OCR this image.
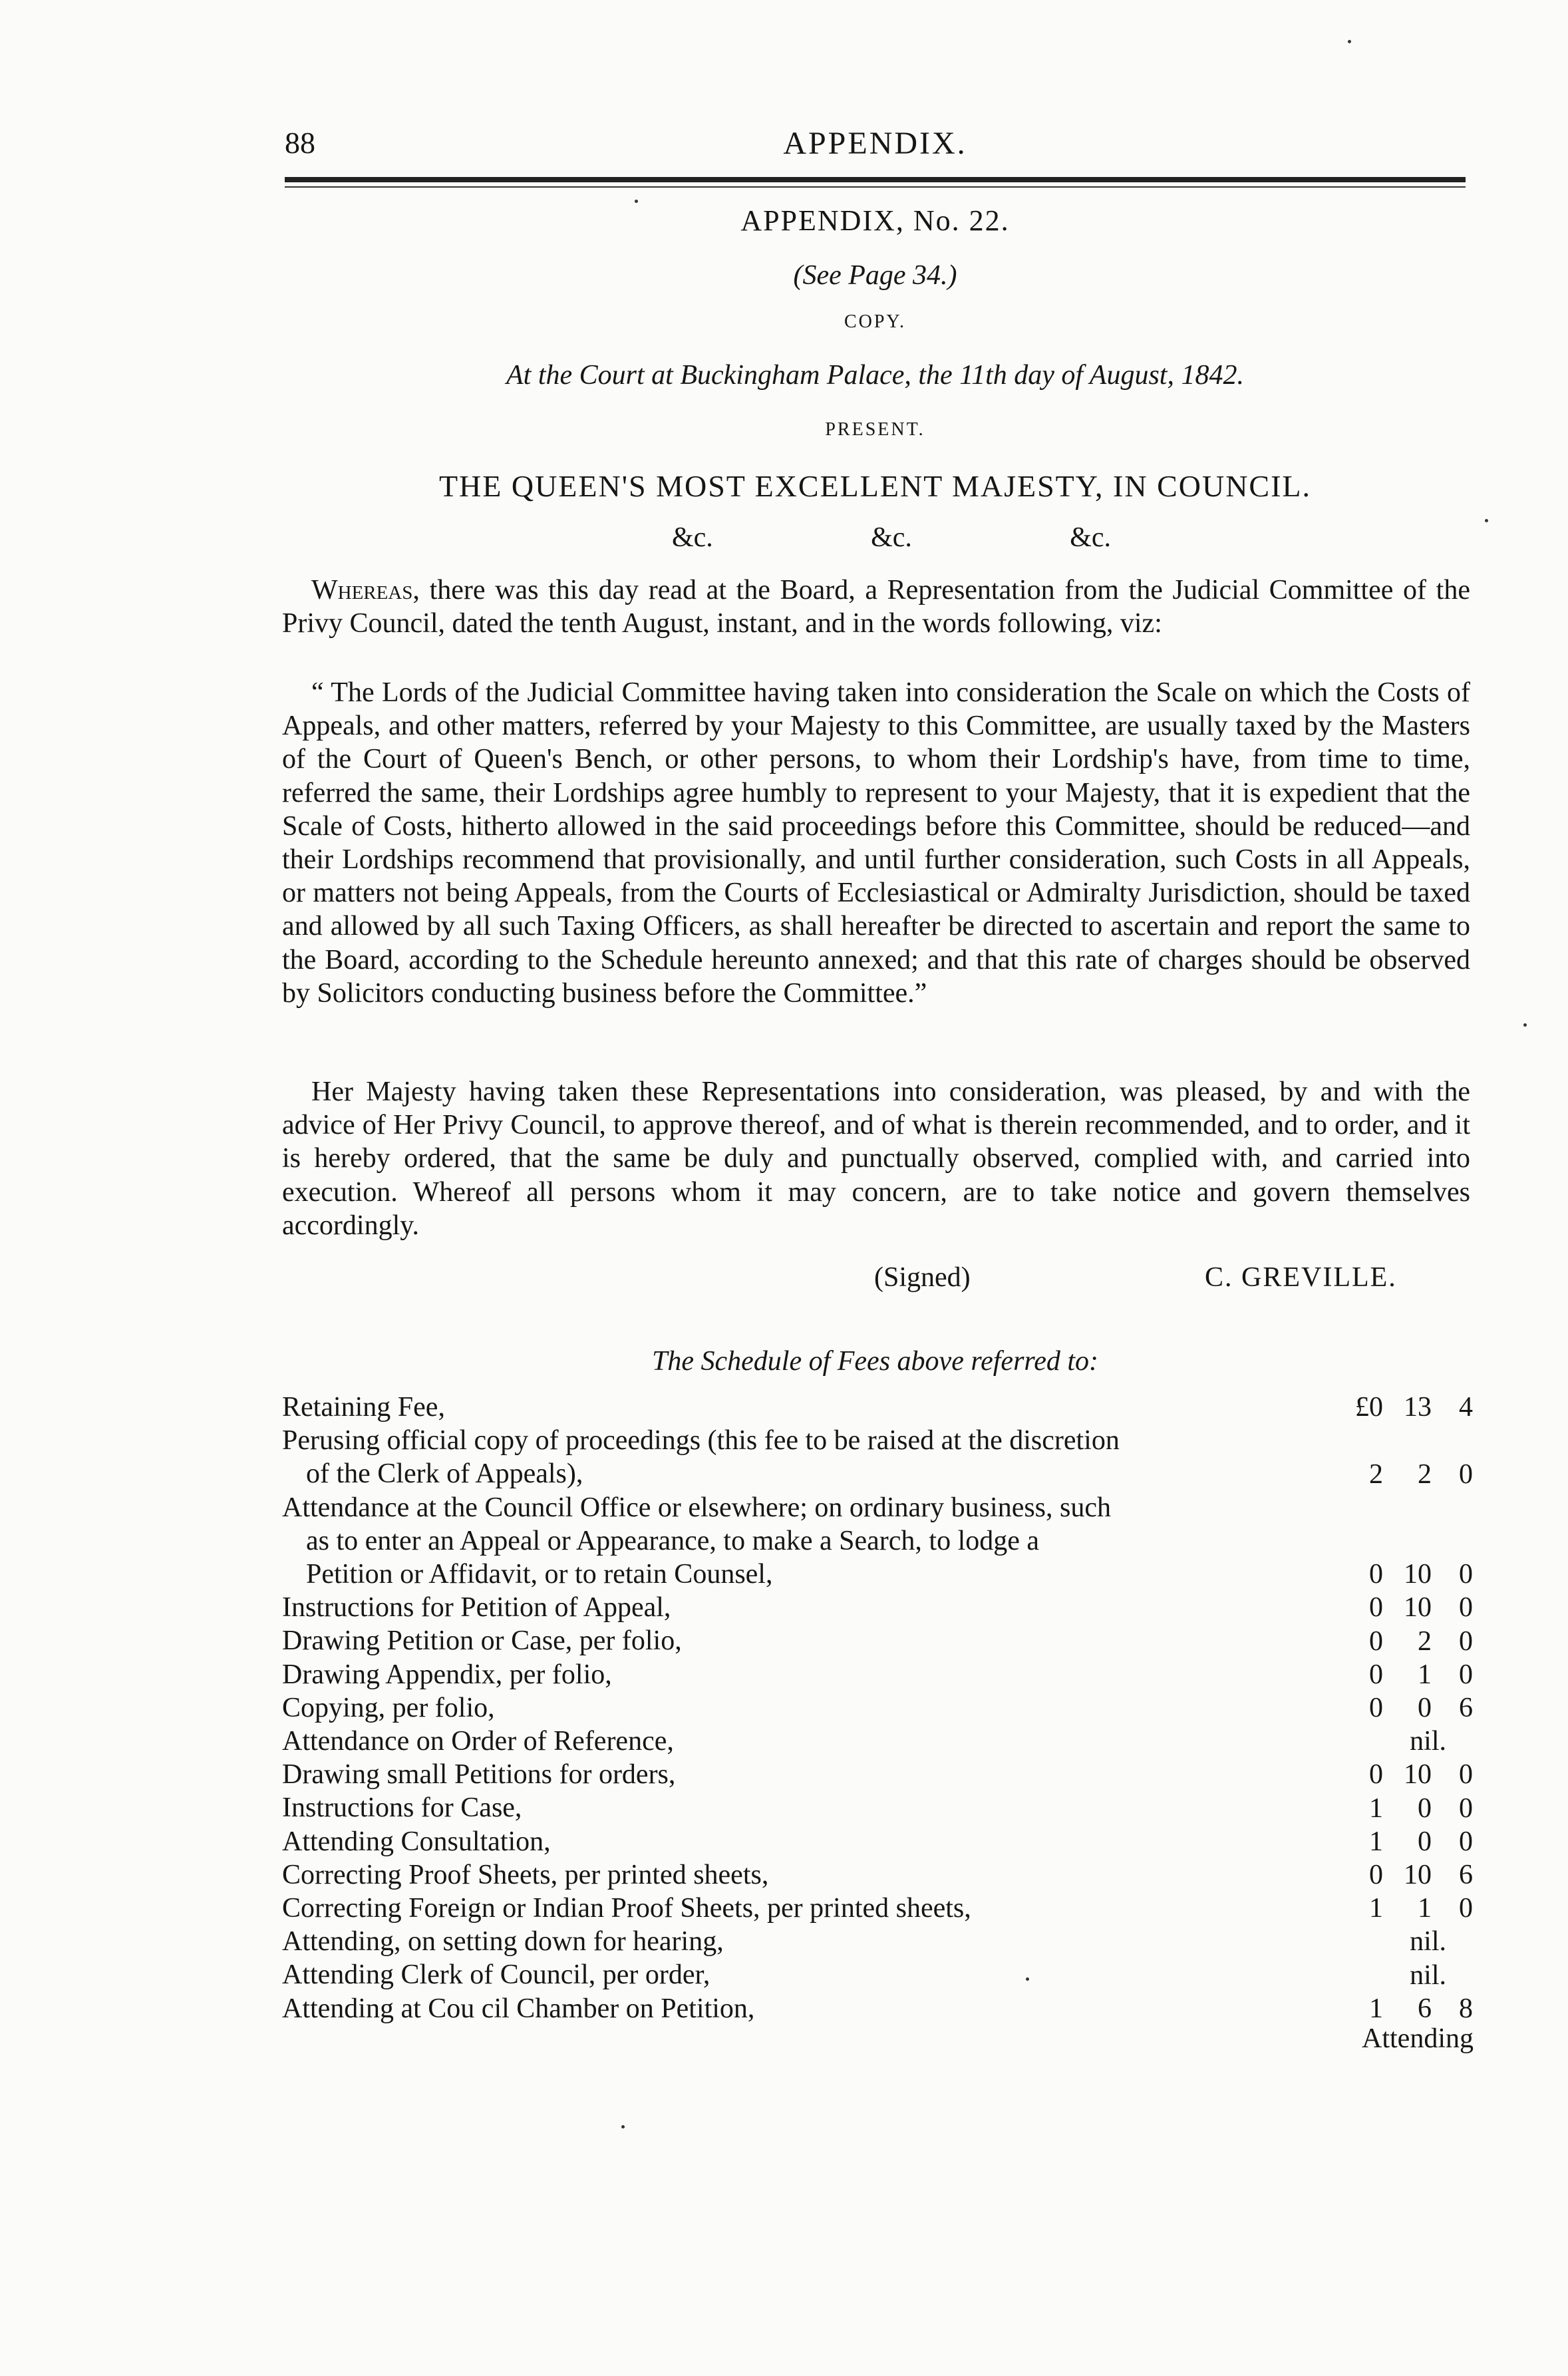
88	APPENDIX.
APPENDIX, No. 22.
(See Page 34.)
COPY.
At the Court at Buckingham Palace, the 11th day of August, 1842.
PRESENT.
THE QUEEN'S MOST EXCELLENT MAJESTY, IN COUNCIL.
&c.	&c.	&c.

Whereas, there was this day read at the Board, a Representation from the Judicial Committee of the Privy Council, dated the tenth August, instant, and in the words following, viz:

“ The Lords of the Judicial Committee having taken into consideration the Scale on which the Costs of Appeals, and other matters, referred by your Majesty to this Committee, are usually taxed by the Masters of the Court of Queen's Bench, or other persons, to whom their Lordship's have, from time to time, referred the same, their Lordships agree humbly to represent to your Majesty, that it is expedient that the Scale of Costs, hitherto allowed in the said proceedings before this Committee, should be reduced—and their Lordships recommend that provisionally, and until further consideration, such Costs in all Appeals, or matters not being Appeals, from the Courts of Ecclesiastical or Admiralty Jurisdiction, should be taxed and allowed by all such Taxing Officers, as shall hereafter be directed to ascertain and report the same to the Board, according to the Schedule hereunto annexed; and that this rate of charges should be observed by Solicitors conducting business before the Committee.”

Her Majesty having taken these Representations into consideration, was pleased, by and with the advice of Her Privy Council, to approve thereof, and of what is therein recommended, and to order, and it is hereby ordered, that the same be duly and punctually observed, complied with, and carried into execution. Whereof all persons whom it may concern, are to take notice and govern themselves accordingly.

(Signed)	C. GREVILLE.
The Schedule of Fees above referred to:
Retaining Fee,	£0 13 4
Perusing official copy of proceedings (this fee to be raised at the discretion
of the Clerk of Appeals),	2 2 0
Attendance at the Council Office or elsewhere; on ordinary business, such
as to enter an Appeal or Appearance, to make a Search, to lodge a
Petition or Affidavit, or to retain Counsel,	0 10 0
Instructions for Petition of Appeal,	0 10 0
Drawing Petition or Case, per folio,	0 2 0
Drawing Appendix, per folio,	0 1 0
Copying, per folio,	0 0 6
Attendance on Order of Reference,	nil.
Drawing small Petitions for orders,	0 10 0
Instructions for Case,	1 0 0
Attending Consultation,	1 0 0
Correcting Proof Sheets, per printed sheets,	0 10 6
Correcting Foreign or Indian Proof Sheets, per printed sheets,	1 1 0
Attending, on setting down for hearing,	nil.
Attending Clerk of Council, per order,	nil.
Attending at Cou cil Chamber on Petition,	1 6 8
Attending
